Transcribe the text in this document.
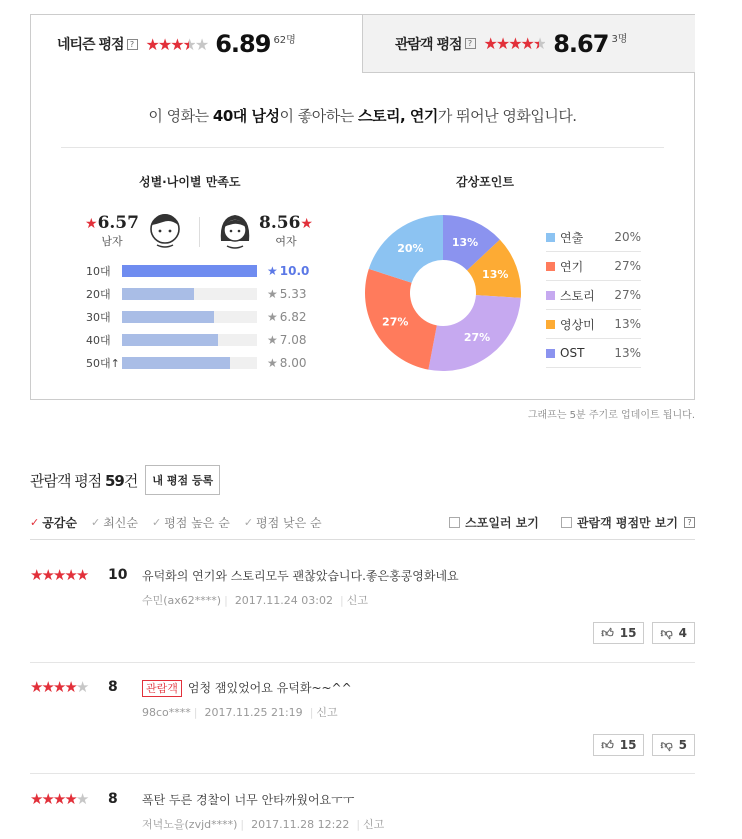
네티즌 평점 ? ★★★★★ 6.89 62명	관람객 평점 ? ★★★★★ 8.67 3명
이 영화는 40대 남성이 좋아하는 스토리, 연기가 뛰어난 영화입니다.
성별·나이별 만족도
★6.57
남자
8.56★
여자
10대	★ 10.0
20대	★ 5.33
30대	★ 6.82
40대	★ 7.08
50대↑	★ 8.00
감상포인트
13%
13%
27%
27%
20%
연출	20%
연기	27%
스토리 27%
영상미 13%
OST 13%
그래프는 5분 주기로 업데이트 됩니다.
관람객 평점 59건	내 평점 등록
✓ 공감순 ✓ 최신순 ✓ 평점 높은 순 ✓ 평점 낮은 순	스포일러 보기	관람객 평점만 보기	?
★★★★★ 10 유덕화의 연기와 스토리모두 괜찮았습니다.좋은홍콩영화네요
수민(ax62****) | 2017.11.24 03:02 | 신고
👍︎ 15 👎︎ 4
★★★★★ 8	관람객 엄청 잼있었어요 유덕화~~^^
98co**** | 2017.11.25 21:19 | 신고
👍︎ 15 👎︎ 5
★★★★★ 8 폭탄 두른 경찰이 너무 안타까웠어요ㅜㅜ
저녁노을(zvjd****) | 2017.11.28 12:22 | 신고
